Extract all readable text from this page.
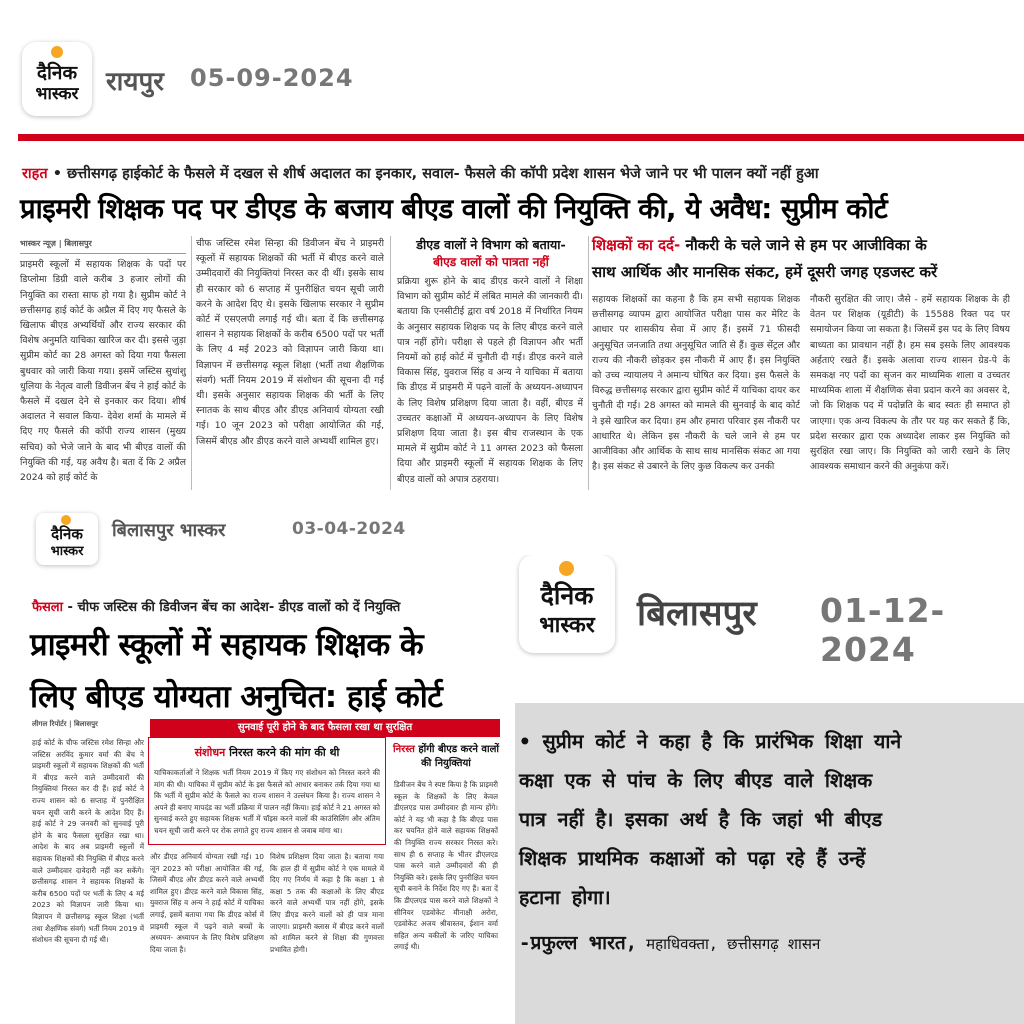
दैनिक
भास्कर	रायपुर 05-09-2024
राहत • छत्तीसगढ़ हाईकोर्ट के फैसले में दखल से शीर्ष अदालत का इनकार, सवाल- फैसले की कॉपी प्रदेश शासन भेजे जाने पर भी पालन क्यों नहीं हुआ
प्राइमरी शिक्षक पद पर डीएड के बजाय बीएड वालों की नियुक्ति की, ये अवैध: सुप्रीम कोर्ट
भास्कर न्यूज़ | बिलासपुर
प्राइमरी स्कूलों में सहायक शिक्षक के पदों पर डिप्लोमा डिग्री वाले करीब 3 हजार लोगों की नियुक्ति का रास्ता साफ हो गया है। सुप्रीम कोर्ट ने छत्तीसगढ़ हाई कोर्ट के अप्रैल में दिए गए फैसले के खिलाफ बीएड अभ्यर्थियों और राज्य सरकार की विशेष अनुमति याचिका खारिज कर दी। इससे जुड़ा सुप्रीम कोर्ट का 28 अगस्त को दिया गया फैसला बुधवार को जारी किया गया। इसमें जस्टिस सुधांशु धुलिया के नेतृत्व वाली डिवीजन बेंच ने हाई कोर्ट के फैसले में दखल देने से इनकार कर दिया। शीर्ष अदालत ने सवाल किया- देवेश शर्मा के मामले में दिए गए फैसले की कॉपी राज्य शासन (मुख्य सचिव) को भेजे जाने के बाद भी बीएड वालों की नियुक्ति की गई, यह अवैध है। बता दें कि 2 अप्रैल 2024 को हाई कोर्ट के
चीफ जस्टिस रमेश सिन्हा की डिवीजन बेंच ने प्राइमरी स्कूलों में सहायक शिक्षकों की भर्ती में बीएड करने वाले उम्मीदवारों की नियुक्तियां निरस्त कर दी थीं। इसके साथ ही सरकार को 6 सप्ताह में पुनरीक्षित चयन सूची जारी करने के आदेश दिए थे। इसके खिलाफ सरकार ने सुप्रीम कोर्ट में एसएलपी लगाई गई थी। बता दें कि छत्तीसगढ़ शासन ने सहायक शिक्षकों के करीब 6500 पदों पर भर्ती के लिए 4 मई 2023 को विज्ञापन जारी किया था। विज्ञापन में छत्तीसगढ़ स्कूल शिक्षा (भर्ती तथा शैक्षणिक संवर्ग) भर्ती नियम 2019 में संशोधन की सूचना दी गई थी। इसके अनुसार सहायक शिक्षक की भर्ती के लिए स्नातक के साथ बीएड और डीएड अनिवार्य योग्यता रखी गई। 10 जून 2023 को परीक्षा आयोजित की गई, जिसमें बीएड और डीएड करने वाले अभ्यर्थी शामिल हुए।
डीएड वालों ने विभाग को बताया-
बीएड वालों को पात्रता नहीं
प्रक्रिया शुरू होने के बाद डीएड करने वालों ने शिक्षा विभाग को सुप्रीम कोर्ट में लंबित मामले की जानकारी दी। बताया कि एनसीटीई द्वारा वर्ष 2018 में निर्धारित नियम के अनुसार सहायक शिक्षक पद के लिए बीएड करने वाले पात्र नहीं होंगे। परीक्षा से पहले ही विज्ञापन और भर्ती नियमों को हाई कोर्ट में चुनौती दी गई। डीएड करने वाले विकास सिंह, युवराज सिंह व अन्य ने याचिका में बताया कि डीएड में प्राइमरी में पढ़ने वालों के अध्ययन-अध्यापन के लिए विशेष प्रशिक्षण दिया जाता है। वहीं, बीएड में उच्चतर कक्षाओं में अध्ययन-अध्यापन के लिए विशेष प्रशिक्षण दिया जाता है। इस बीच राजस्थान के एक मामले में सुप्रीम कोर्ट ने 11 अगस्त 2023 को फैसला दिया और प्राइमरी स्कूलों में सहायक शिक्षक के लिए बीएड वालों को अपात्र ठहराया।
शिक्षकों का दर्द- नौकरी के चले जाने से हम पर आजीविका के
साथ आर्थिक और मानसिक संकट, हमें दूसरी जगह एडजस्ट करें
सहायक शिक्षकों का कहना है कि हम सभी सहायक शिक्षक छत्तीसगढ़ व्यापम द्वारा आयोजित परीक्षा पास कर मेरिट के आधार पर शासकीय सेवा में आए हैं। इसमें 71 फीसदी अनुसूचित जनजाति तथा अनुसूचित जाति से हैं। कुछ सेंट्रल और राज्य की नौकरी छोड़कर इस नौकरी में आए हैं। इस नियुक्ति को उच्च न्यायालय ने अमान्य घोषित कर दिया। इस फैसले के विरुद्ध छत्तीसगढ़ सरकार द्वारा सुप्रीम कोर्ट में याचिका दायर कर चुनौती दी गई। 28 अगस्त को मामले की सुनवाई के बाद कोर्ट ने इसे खारिज कर दिया। हम और हमारा परिवार इस नौकरी पर आधारित थे। लेकिन इस नौकरी के चले जाने से हम पर आजीविका और आर्थिक के साथ साथ मानसिक संकट आ गया है। इस संकट से उबारने के लिए कुछ विकल्प कर उनकी
नौकरी सुरक्षित की जाए। जैसे - हमें सहायक शिक्षक के ही वेतन पर शिक्षक (यूडीटी) के 15588 रिक्त पद पर समायोजन किया जा सकता है। जिसमें इस पद के लिए विषय बाध्यता का प्रावधान नहीं है। हम सब इसके लिए आवश्यक अर्हताएं रखते हैं। इसके अलावा राज्य शासन ग्रेड-पे के समकक्ष नए पदों का सृजन कर माध्यमिक शाला व उच्चतर माध्यमिक शाला में शैक्षणिक सेवा प्रदान करने का अवसर दे, जो कि शिक्षक पद में पदोन्नति के बाद स्वतः ही समाप्त हो जाएगा। एक अन्य विकल्प के तौर पर यह कर सकते हैं कि, प्रदेश सरकार द्वारा एक अध्यादेश लाकर इस नियुक्ति को सुरक्षित रखा जाए। कि नियुक्ति को जारी रखने के लिए आवश्यक समाधान करने की अनुकंपा करें।
दैनिक
भास्कर
बिलासपुर भास्कर	03-04-2024
फैसला - चीफ जस्टिस की डिवीजन बेंच का आदेश- डीएड वालों को दें नियुक्ति
प्राइमरी स्कूलों में सहायक शिक्षक के
लिए बीएड योग्यता अनुचित: हाई कोर्ट
लीगल रिपोर्टर | बिलासपुर	सुनवाई पूरी होने के बाद फैसला रखा था सुरक्षित
हाई कोर्ट के चीफ जस्टिस रमेश सिन्हा और जस्टिस अरविंद कुमार वर्मा की बेंच ने प्राइमरी स्कूलों में सहायक शिक्षकों की भर्ती में बीएड करने वाले उम्मीदवारों की नियुक्तियां निरस्त कर दी हैं। हाई कोर्ट ने राज्य शासन को 6 सप्ताह में पुनरीक्षित चयन सूची जारी करने के आदेश दिए हैं। हाई कोर्ट ने 29 जनवरी को सुनवाई पूरी होने के बाद फैसला सुरक्षित रखा था। आदेश के बाद अब प्राइमरी स्कूलों में सहायक शिक्षकों की नियुक्ति में बीएड करने वाले उम्मीदवार दावेदारी नहीं कर सकेंगे। छत्तीसगढ़ शासन ने सहायक शिक्षकों के करीब 6500 पदों पर भर्ती के लिए 4 मई 2023 को विज्ञापन जारी किया था। विज्ञापन में छत्तीसगढ़ स्कूल शिक्षा (भर्ती तथा शैक्षणिक संवर्ग) भर्ती नियम 2019 में संशोधन की सूचना दी गई थी।
संशोधन निरस्त करने की मांग की थी
याचिकाकर्ताओं ने शिक्षक भर्ती नियम 2019 में किए गए संशोधन को निरस्त करने की मांग की थी। याचिका में सुप्रीम कोर्ट के इस फैसले को आधार बनाकर तर्क दिया गया था कि भर्ती में सुप्रीम कोर्ट के फैसले का राज्य शासन ने उल्लंघन किया है। राज्य शासन ने अपने ही बनाए मापदंड का भर्ती प्रक्रिया में पालन नहीं किया। हाई कोर्ट ने 21 अगस्त को सुनवाई करते हुए सहायक शिक्षक भर्ती में चॉइस करने वालों की काउंसिलिंग और अंतिम चयन सूची जारी करने पर रोक लगाते हुए राज्य शासन से जवाब मांगा था।
और डीएड अनिवार्य योग्यता रखी गई। 10 जून 2023 को परीक्षा आयोजित की गई, जिसमें बीएड और डीएड करने वाले अभ्यर्थी शामिल हुए। डीएड करने वाले विकास सिंह, युवराज सिंह व अन्य ने हाई कोर्ट में याचिका लगाई, इसमें बताया गया कि डीएड कोर्स में प्राइमरी स्कूल में पढ़ने वाले बच्चों के अध्ययन- अध्यापन के लिए विशेष प्रशिक्षण दिया जाता है।
विशेष प्रशिक्षण दिया जाता है। बताया गया कि हाल ही में सुप्रीम कोर्ट ने एक मामले में दिए गए निर्णय में कहा है कि कक्षा 1 से कक्षा 5 तक की कक्षाओं के लिए बीएड करने वाले अभ्यर्थी पात्र नहीं होंगे, इसके लिए डीएड करने वालों को ही पात्र माना जाएगा। प्राइमरी क्लास में बीएड करने वालों को शामिल करने से शिक्षा की गुणवत्ता प्रभावित होगी।
निरस्त होंगी बीएड करने वालों की नियुक्तियां
डिवीजन बेंच ने स्पष्ट किया है कि प्राइमरी स्कूल के शिक्षकों के लिए केवल डीएलएड पास उम्मीदवार ही मान्य होंगे। कोर्ट ने यह भी कहा है कि बीएड पास कर चयनित होने वाले सहायक शिक्षकों की नियुक्ति राज्य सरकार निरस्त करे। साथ ही 6 सप्ताह के भीतर डीएलएड पास करने वाले उम्मीदवारों की ही नियुक्ति करे। इसके लिए पुनरीक्षित चयन सूची बनाने के निर्देश दिए गए हैं। बता दें कि डीएलएड पास करने वाले शिक्षकों ने सीनियर एडवोकेट मीनाक्षी अरोरा, एडवोकेट अजय श्रीवास्तव, ईशान वर्मा सहित अन्य वकीलों के जरिए याचिका लगाई थी।
दैनिक
भास्कर	बिलासपुर 01-12-2024
• सुप्रीम कोर्ट ने कहा है कि प्रारंभिक शिक्षा याने
कक्षा एक से पांच के लिए बीएड वाले शिक्षक
पात्र नहीं है। इसका अर्थ है कि जहां भी बीएड
शिक्षक प्राथमिक कक्षाओं को पढ़ा रहे हैं उन्हें
हटाना होगा।
-प्रफुल्ल भारत, महाधिवक्ता, छत्तीसगढ़ शासन
